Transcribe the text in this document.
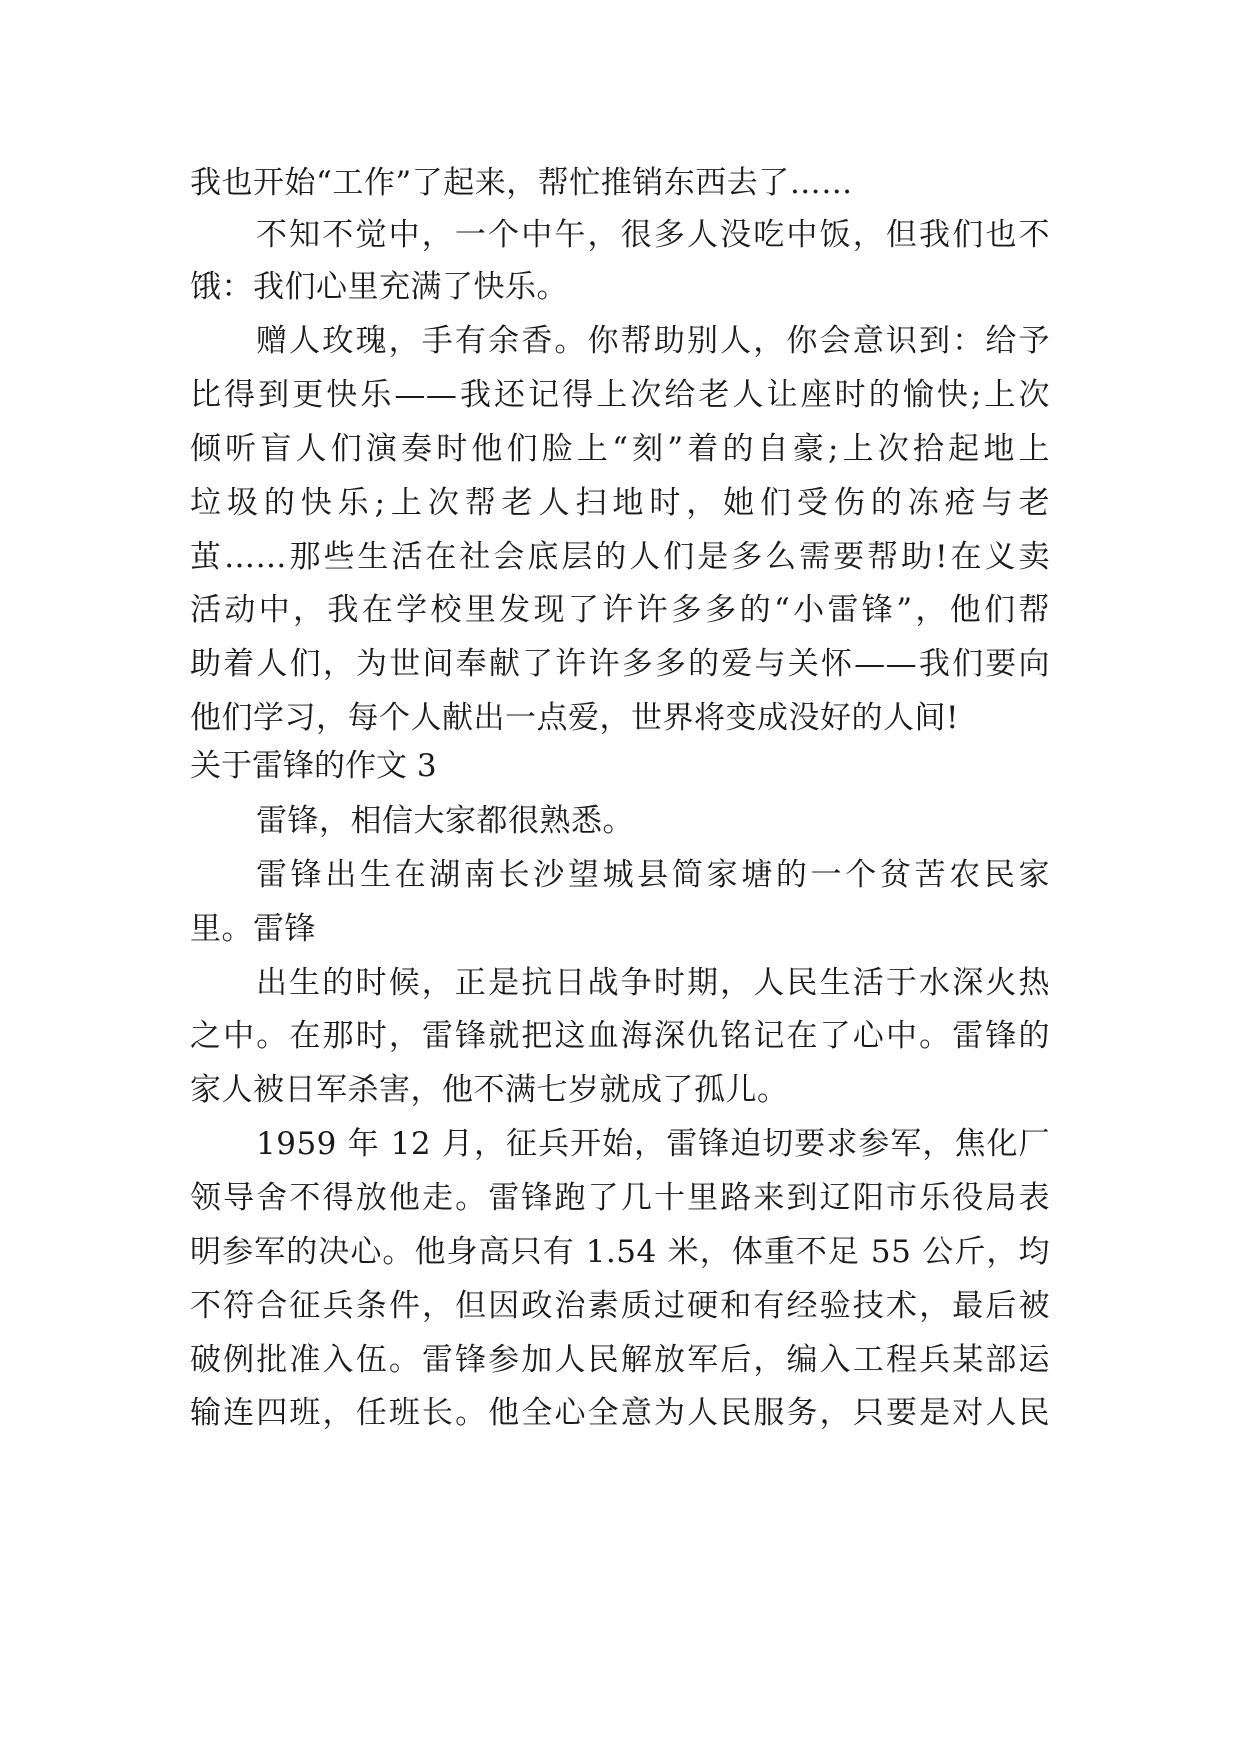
我也开始“工作”了起来，帮忙推销东西去了……
不知不觉中，一个中午，很多人没吃中饭，但我们也不
饿：我们心里充满了快乐。
赠人玫瑰，手有余香。你帮助别人，你会意识到：给予
比得到更快乐——我还记得上次给老人让座时的愉快;上次
倾听盲人们演奏时他们脸上“刻”着的自豪;上次拾起地上
垃圾的快乐;上次帮老人扫地时，她们受伤的冻疮与老
茧……那些生活在社会底层的人们是多么需要帮助!在义卖
活动中，我在学校里发现了许许多多的“小雷锋”，他们帮
助着人们，为世间奉献了许许多多的爱与关怀——我们要向
他们学习，每个人献出一点爱，世界将变成没好的人间!
关于雷锋的作文 3
雷锋，相信大家都很熟悉。
雷锋出生在湖南长沙望城县简家塘的一个贫苦农民家
里。雷锋
出生的时候，正是抗日战争时期，人民生活于水深火热
之中。在那时，雷锋就把这血海深仇铭记在了心中。雷锋的
家人被日军杀害，他不满七岁就成了孤儿。
1959 年 12 月，征兵开始，雷锋迫切要求参军，焦化厂
领导舍不得放他走。雷锋跑了几十里路来到辽阳市乐役局表
明参军的决心。他身高只有 1.54 米，体重不足 55 公斤，均
不符合征兵条件，但因政治素质过硬和有经验技术，最后被
破例批准入伍。雷锋参加人民解放军后，编入工程兵某部运
输连四班，任班长。他全心全意为人民服务，只要是对人民
